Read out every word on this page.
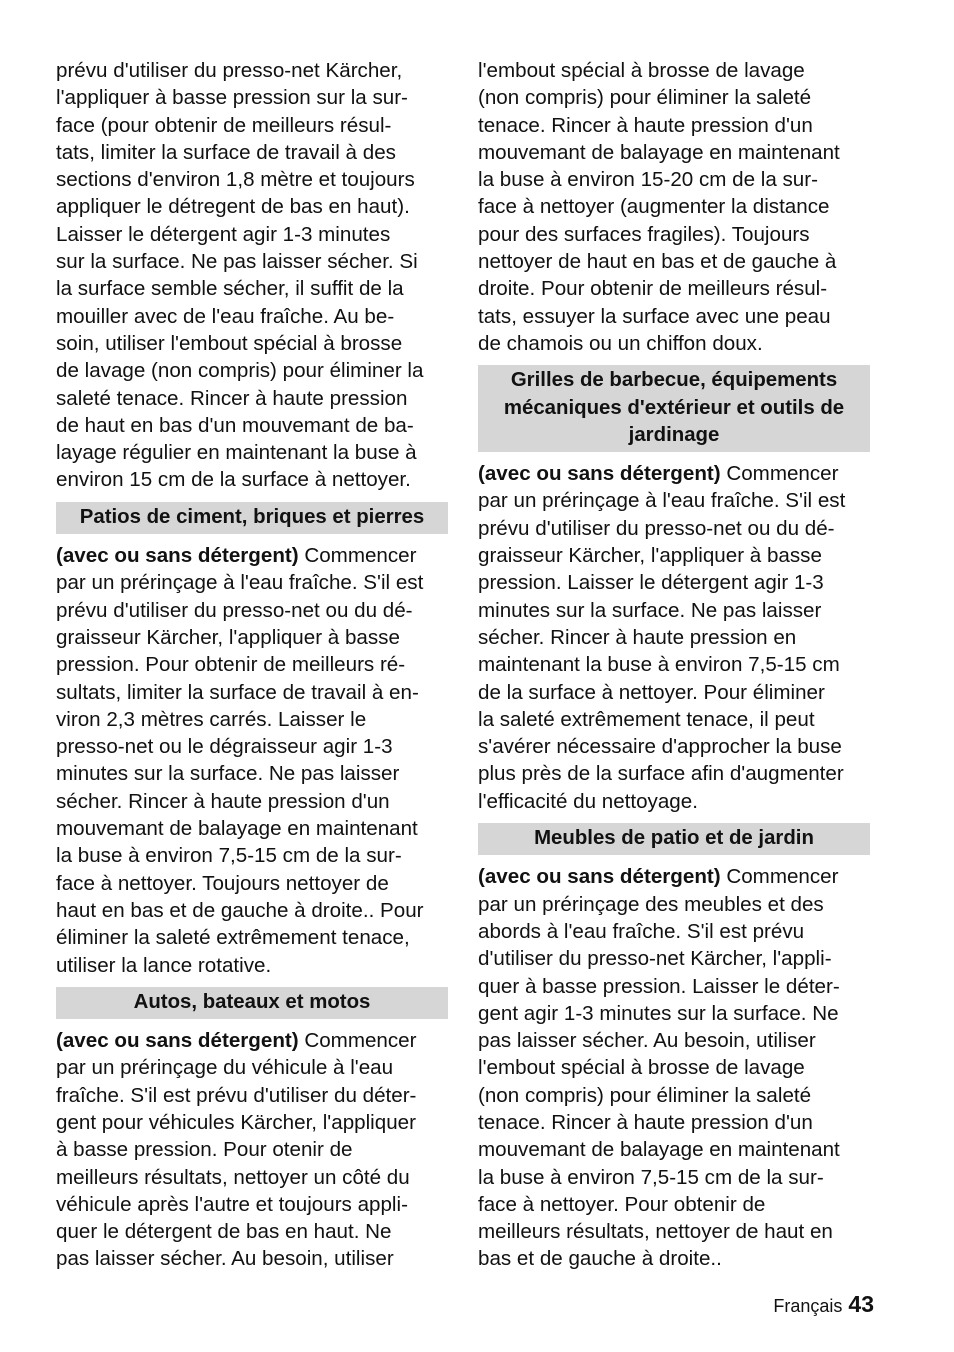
prévu d'utiliser du presso-net Kärcher,
l'appliquer à basse pression sur la sur-
face (pour obtenir de meilleurs résul-
tats, limiter la surface de travail à des
sections d'environ 1,8 mètre et toujours
appliquer le détregent de bas en haut).
Laisser le détergent agir 1-3 minutes
sur la surface. Ne pas laisser sécher. Si
la surface semble sécher, il suffit de la
mouiller avec de l'eau fraîche. Au be-
soin, utiliser l'embout spécial à brosse
de lavage (non compris) pour éliminer la
saleté tenace. Rincer à haute pression
de haut en bas d'un mouvemant de ba-
layage régulier en maintenant la buse à
environ 15 cm de la surface à nettoyer.
Patios de ciment, briques et pierres
(avec ou sans détergent) Commencer
par un prérinçage à l'eau fraîche. S'il est
prévu d'utiliser du presso-net ou du dé-
graisseur Kärcher, l'appliquer à basse
pression. Pour obtenir de meilleurs ré-
sultats, limiter la surface de travail à en-
viron 2,3 mètres carrés. Laisser le
presso-net ou le dégraisseur agir 1-3
minutes sur la surface. Ne pas laisser
sécher. Rincer à haute pression d'un
mouvemant de balayage en maintenant
la buse à environ 7,5-15 cm de la sur-
face à nettoyer. Toujours nettoyer de
haut en bas et de gauche à droite.. Pour
éliminer la saleté extrêmement tenace,
utiliser la lance rotative.
Autos, bateaux et motos
(avec ou sans détergent) Commencer
par un prérinçage du véhicule à l'eau
fraîche. S'il est prévu d'utiliser du déter-
gent pour véhicules Kärcher, l'appliquer
à basse pression. Pour otenir de
meilleurs résultats, nettoyer un côté du
véhicule après l'autre et toujours appli-
quer le détergent de bas en haut. Ne
pas laisser sécher. Au besoin, utiliser
l'embout spécial à brosse de lavage
(non compris) pour éliminer la saleté
tenace. Rincer à haute pression d'un
mouvemant de balayage en maintenant
la buse à environ 15-20 cm de la sur-
face à nettoyer (augmenter la distance
pour des surfaces fragiles). Toujours
nettoyer de haut en bas et de gauche à
droite. Pour obtenir de meilleurs résul-
tats, essuyer la surface avec une peau
de chamois ou un chiffon doux.
Grilles de barbecue, équipements
mécaniques d'extérieur et outils de
jardinage
(avec ou sans détergent) Commencer
par un prérinçage à l'eau fraîche. S'il est
prévu d'utiliser du presso-net ou du dé-
graisseur Kärcher, l'appliquer à basse
pression. Laisser le détergent agir 1-3
minutes sur la surface. Ne pas laisser
sécher. Rincer à haute pression en
maintenant la buse à environ 7,5-15 cm
de la surface à nettoyer. Pour éliminer
la saleté extrêmement tenace, il peut
s'avérer nécessaire d'approcher la buse
plus près de la surface afin d'augmenter
l'efficacité du nettoyage.
Meubles de patio et de jardin
(avec ou sans détergent) Commencer
par un prérinçage des meubles et des
abords à l'eau fraîche. S'il est prévu
d'utiliser du presso-net Kärcher, l'appli-
quer à basse pression. Laisser le déter-
gent agir 1-3 minutes sur la surface. Ne
pas laisser sécher. Au besoin, utiliser
l'embout spécial à brosse de lavage
(non compris) pour éliminer la saleté
tenace. Rincer à haute pression d'un
mouvemant de balayage en maintenant
la buse à environ 7,5-15 cm de la sur-
face à nettoyer. Pour obtenir de
meilleurs résultats, nettoyer de haut en
bas et de gauche à droite..
Français 43
